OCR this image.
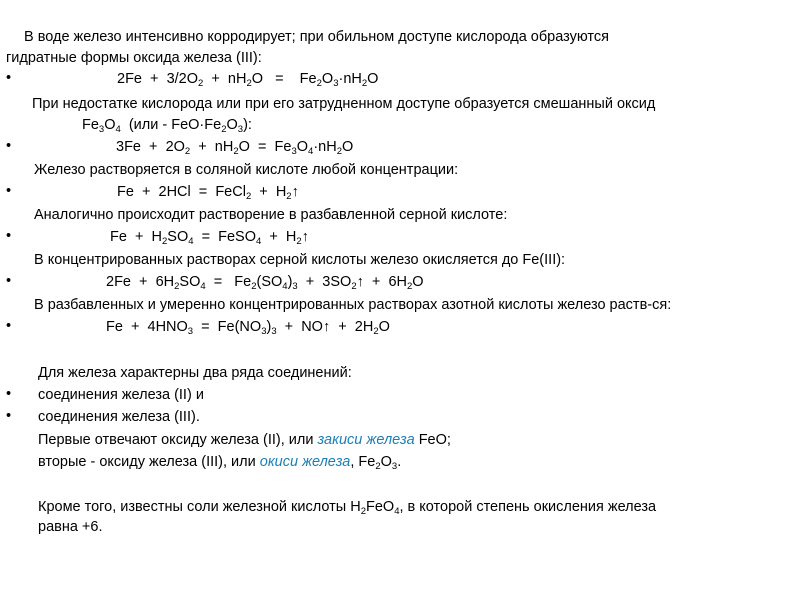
В воде железо интенсивно корродирует; при обильном доступе кислорода образуются
гидратные формы оксида железа (III):
•	$2Fe + 3/2O_2 + nH_2O$   =    $Fe_2O_3\cdot nH_2O$
При недостатке кислорода или при его затрудненном доступе образуется смешанный оксид
$Fe_3O_4$  $(или - FeO\cdot Fe_2O_3)$:
•	$3Fe + 2O_2 + nH_2O = Fe_3O_4\cdot nH_2O$
Железо растворяется в соляной кислоте любой концентрации:
•	Fe  +  2HCl  =  FeCl$_2$  +  $H_2↑$
Аналогично происходит растворение в разбавленной серной кислоте:
•	$Fe + H_2SO_4$  =  FeSO$_4$  +  $H_2↑$
В концентрированных растворах серной кислоты железо окисляется до Fe(III):
•	$2Fe + 6H_2SO_4 = Fe_2(SO_4)_3$  +  $3SO_2↑ + 6H_2O$
В разбавленных и умеренно концентрированных растворах азотной кислоты железо раств-ся:
•	$Fe + 4HNO_3 = Fe(NO_3)_3$  +  NO↑  +  $2H_2O$
Для железа характерны два ряда соединений:
• соединения железа (II) и
• соединения железа (III).
Первые отвечают оксиду железа (II), или закиси железа FeO;
вторые - оксиду железа (III), или окиси железа, $Fe_2O_3$.
Кроме того, известны соли железной кислоты $H_2FeO_4$, в которой степень окисления железа
равна +6.
